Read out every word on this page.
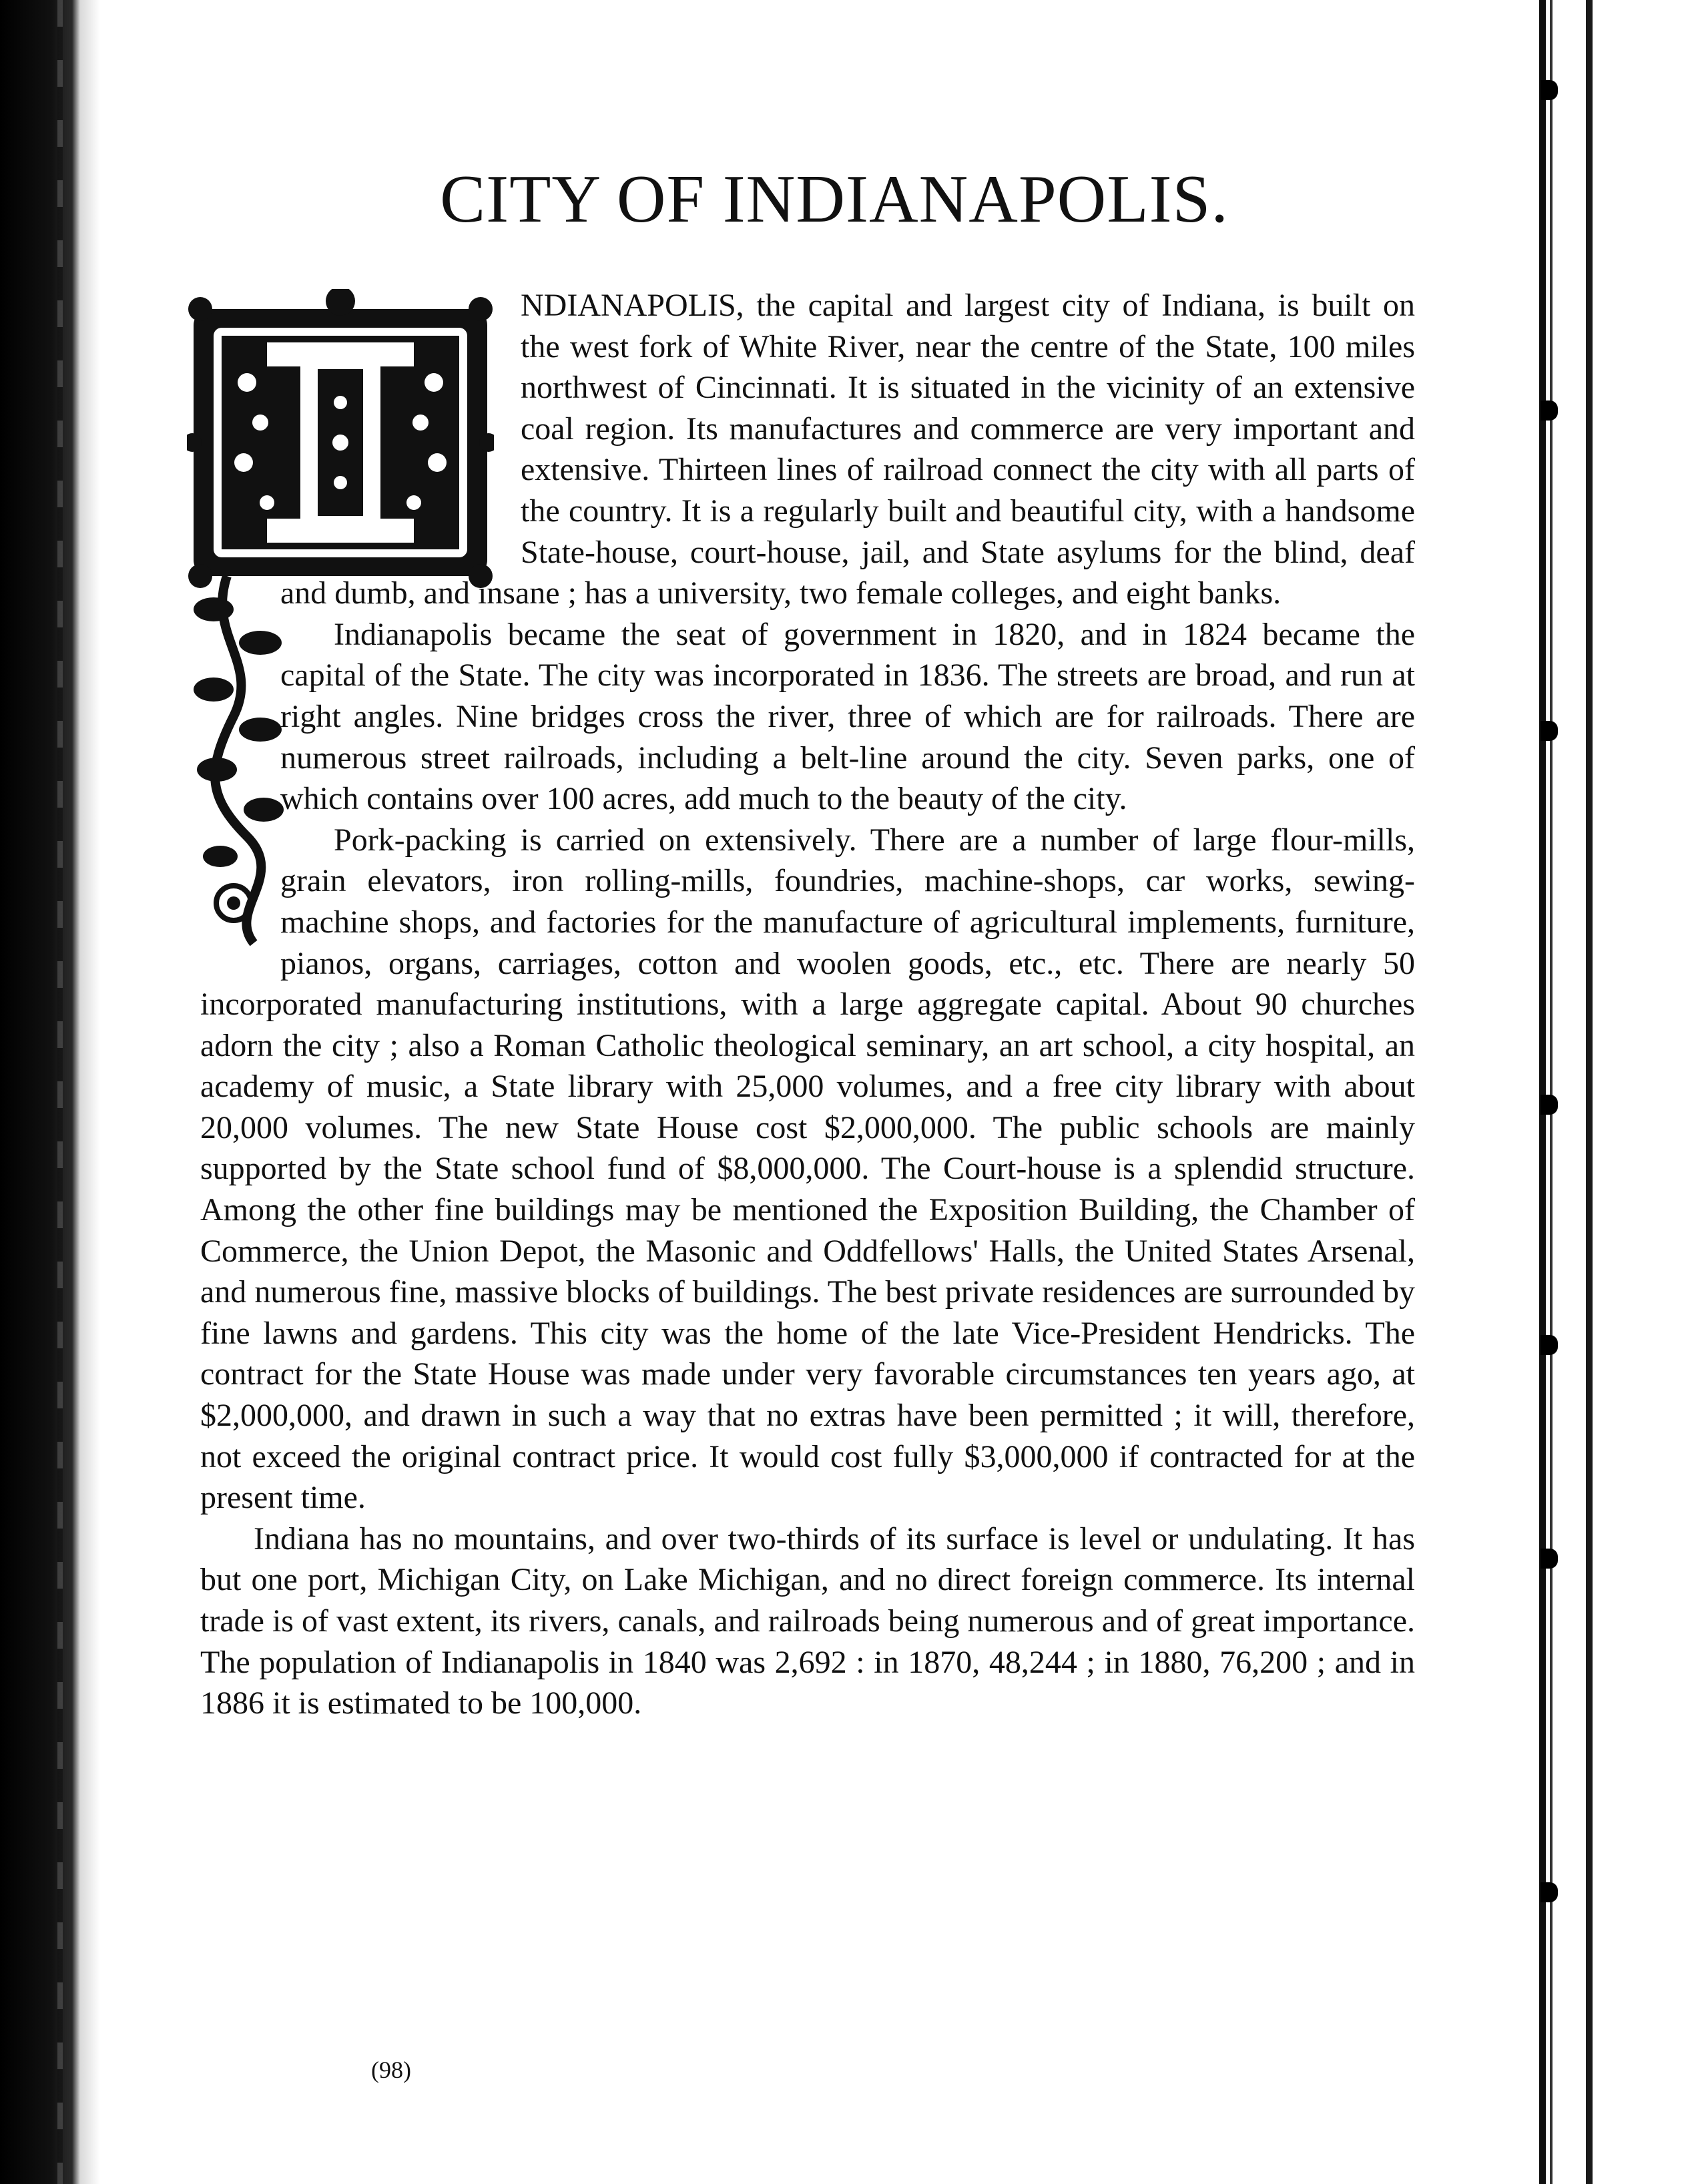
CITY OF INDIANAPOLIS.

NDIANAPOLIS, the capital and largest city of Indiana, is built on the west fork of White River, near the centre of the State, 100 miles northwest of Cincinnati. It is situated in the vicinity of an extensive coal region. Its manufactures and commerce are very important and extensive. Thirteen lines of railroad connect the city with all parts of the country. It is a regularly built and beautiful city, with a handsome State-house, court-house, jail, and State asylums for the blind, deaf and dumb, and insane ; has a university, two female colleges, and eight banks.

Indianapolis became the seat of government in 1820, and in 1824 became the capital of the State. The city was incorporated in 1836. The streets are broad, and run at right angles. Nine bridges cross the river, three of which are for railroads. There are numerous street railroads, including a belt-line around the city. Seven parks, one of which contains over 100 acres, add much to the beauty of the city.

Pork-packing is carried on extensively. There are a number of large flour-mills, grain elevators, iron rolling-mills, foundries, machine-shops, car works, sewing-machine shops, and factories for the manufacture of agricultural implements, furniture, pianos, organs, carriages, cotton and woolen goods, etc., etc. There are nearly 50 incorporated manufacturing institutions, with a large aggregate capital. About 90 churches adorn the city ; also a Roman Catholic theological seminary, an art school, a city hospital, an academy of music, a State library with 25,000 volumes, and a free city library with about 20,000 volumes. The new State House cost $2,000,000. The public schools are mainly supported by the State school fund of $8,000,000. The Court-house is a splendid structure. Among the other fine buildings may be mentioned the Exposition Building, the Chamber of Commerce, the Union Depot, the Masonic and Oddfellows' Halls, the United States Arsenal, and numerous fine, massive blocks of buildings. The best private residences are surrounded by fine lawns and gardens. This city was the home of the late Vice-President Hendricks. The contract for the State House was made under very favorable circumstances ten years ago, at $2,000,000, and drawn in such a way that no extras have been permitted ; it will, therefore, not exceed the original contract price. It would cost fully $3,000,000 if contracted for at the present time.

Indiana has no mountains, and over two-thirds of its surface is level or undulating. It has but one port, Michigan City, on Lake Michigan, and no direct foreign commerce. Its internal trade is of vast extent, its rivers, canals, and railroads being numerous and of great importance. The population of Indianapolis in 1840 was 2,692 : in 1870, 48,244 ; in 1880, 76,200 ; and in 1886 it is estimated to be 100,000.

(98)
